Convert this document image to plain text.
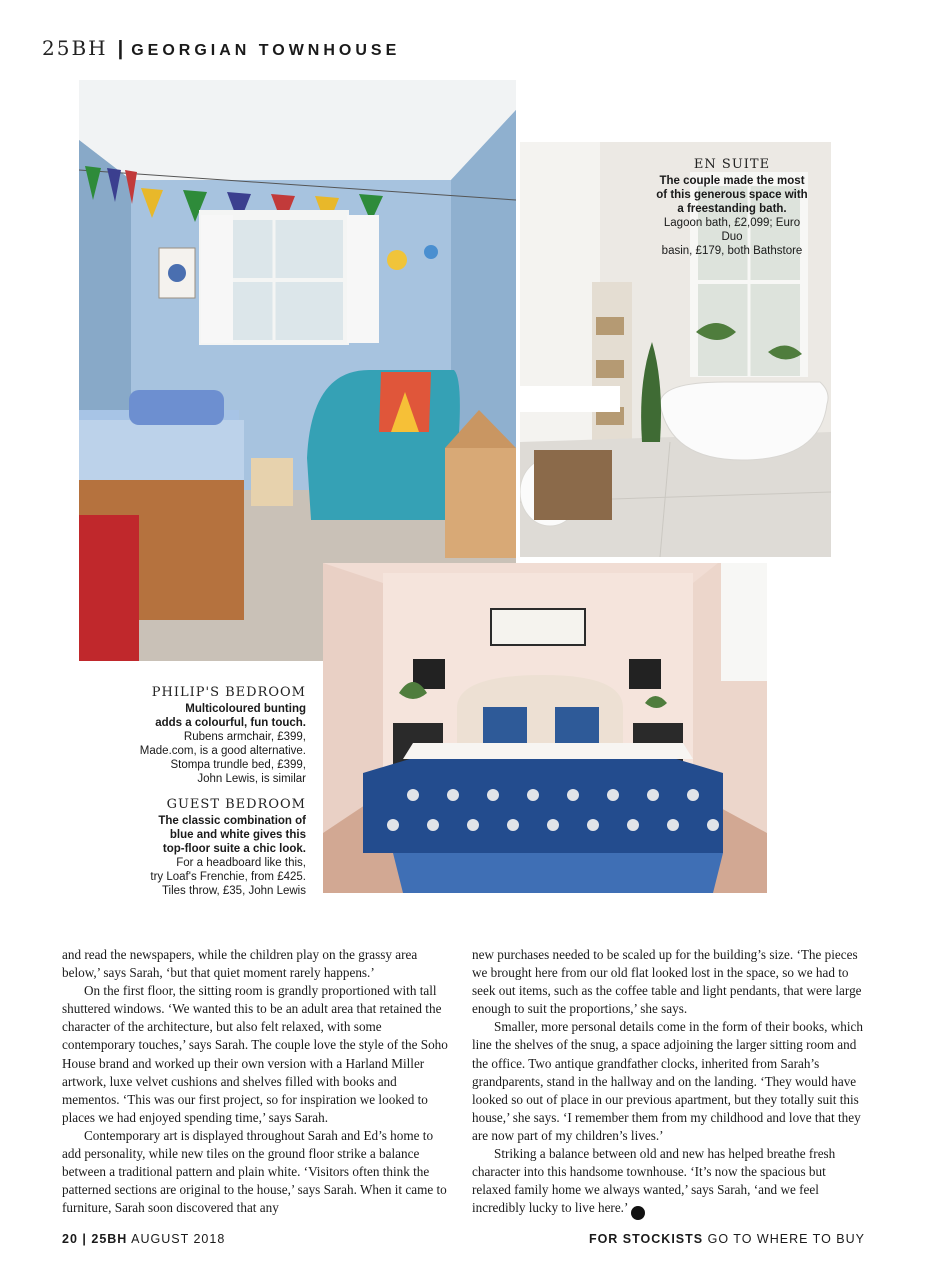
25BH | GEORGIAN TOWNHOUSE
EN SUITE
The couple made the most
of this generous space with
a freestanding bath.
Lagoon bath, £2,099; Euro Duo
basin, £179, both Bathstore
PHILIP'S BEDROOM
Multicoloured bunting
adds a colourful, fun touch.
Rubens armchair, £399,
Made.com, is a good alternative.
Stompa trundle bed, £399,
John Lewis, is similar
GUEST BEDROOM
The classic combination of
blue and white gives this
top-floor suite a chic look.
For a headboard like this,
try Loaf's Frenchie, from £425.
Tiles throw, £35, John Lewis

and read the newspapers, while the children play on the grassy area below,’ says Sarah, ‘but that quiet moment rarely happens.’

On the first floor, the sitting room is grandly proportioned with tall shuttered windows. ‘We wanted this to be an adult area that retained the character of the architecture, but also felt relaxed, with some contemporary touches,’ says Sarah. The couple love the style of the Soho House brand and worked up their own version with a Harland Miller artwork, luxe velvet cushions and shelves filled with books and mementos. ‘This was our first project, so for inspiration we looked to places we had enjoyed spending time,’ says Sarah.

Contemporary art is displayed throughout Sarah and Ed’s home to add personality, while new tiles on the ground floor strike a balance between a traditional pattern and plain white. ‘Visitors often think the patterned sections are original to the house,’ says Sarah. When it came to furniture, Sarah soon discovered that any

new purchases needed to be scaled up for the building’s size. ‘The pieces we brought here from our old flat looked lost in the space, so we had to seek out items, such as the coffee table and light pendants, that were large enough to suit the proportions,’ she says.

Smaller, more personal details come in the form of their books, which line the shelves of the snug, a space adjoining the larger sitting room and the office. Two antique grandfather clocks, inherited from Sarah’s grandparents, stand in the hallway and on the landing. ‘They would have looked so out of place in our previous apartment, but they totally suit this house,’ she says. ‘I remember them from my childhood and love that they are now part of my children’s lives.’

Striking a balance between old and new has helped breathe fresh character into this handsome townhouse. ‘It’s now the spacious but relaxed family home we always wanted,’ says Sarah, ‘and we feel incredibly lucky to live here.’	25

20 | 25BH AUGUST 2018	FOR STOCKISTS GO TO WHERE TO BUY
